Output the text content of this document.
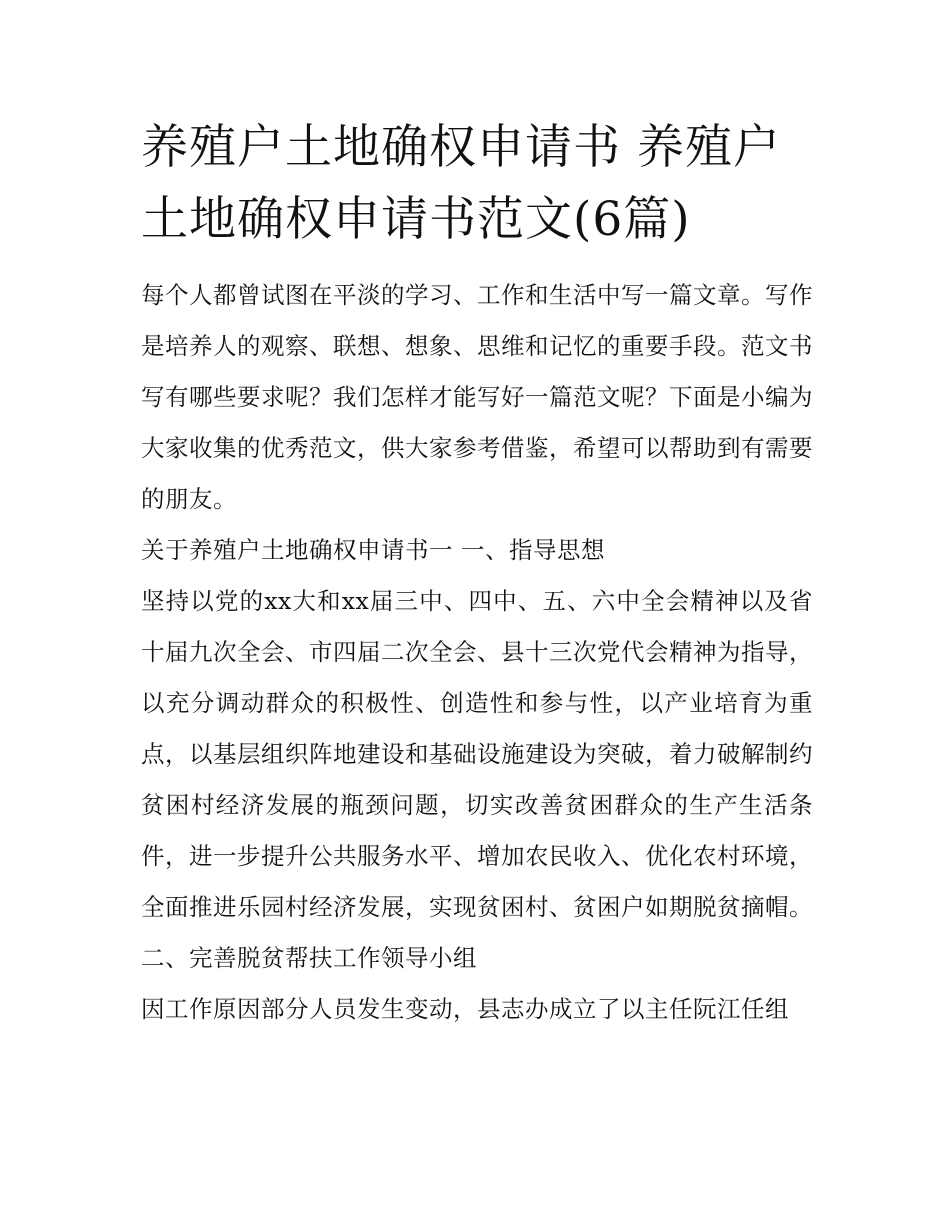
养殖户土地确权申请书 养殖户土地确权申请书范文(6篇)

每个人都曾试图在平淡的学习、工作和生活中写一篇文章。写作是培养人的观察、联想、想象、思维和记忆的重要手段。范文书写有哪些要求呢？我们怎样才能写好一篇范文呢？下面是小编为大家收集的优秀范文，供大家参考借鉴，希望可以帮助到有需要的朋友。

关于养殖户土地确权申请书一 一、指导思想

坚持以党的xx大和xx届三中、四中、五、六中全会精神以及省十届九次全会、市四届二次全会、县十三次党代会精神为指导，以充分调动群众的积极性、创造性和参与性，以产业培育为重点，以基层组织阵地建设和基础设施建设为突破，着力破解制约贫困村经济发展的瓶颈问题，切实改善贫困群众的生产生活条件，进一步提升公共服务水平、增加农民收入、优化农村环境，全面推进乐园村经济发展，实现贫困村、贫困户如期脱贫摘帽。

二、完善脱贫帮扶工作领导小组

因工作原因部分人员发生变动，县志办成立了以主任阮江任组
